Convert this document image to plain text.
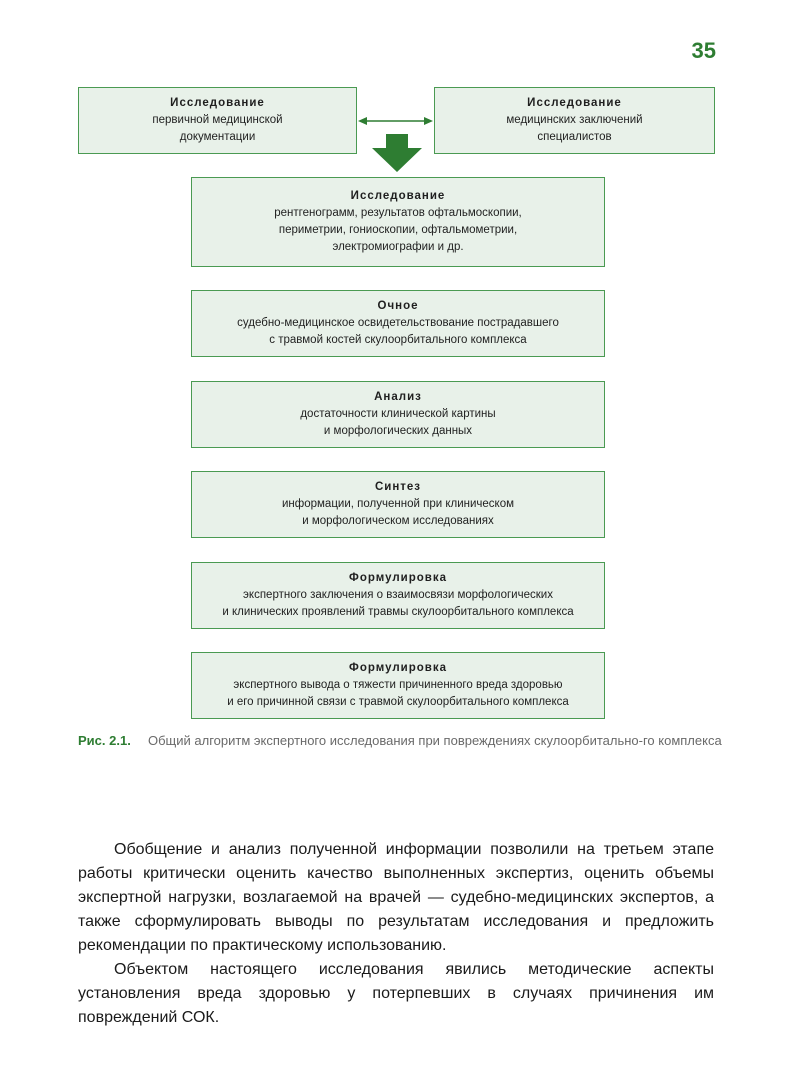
35
Исследование
первичной медицинской
документации
Исследование
медицинских заключений
специалистов
Исследование
рентгенограмм, результатов офтальмоскопии,
периметрии, гониоскопии, офтальмометрии,
электромиографии и др.
Очное
судебно-медицинское освидетельствование пострадавшего
с травмой костей скулоорбитального комплекса
Анализ
достаточности клинической картины
и морфологических данных
Синтез
информации, полученной при клиническом
и морфологическом исследованиях
Формулировка
экспертного заключения о взаимосвязи морфологических
и клинических проявлений травмы скулоорбитального комплекса
Формулировка
экспертного вывода о тяжести причиненного вреда здоровью
и его причинной связи с травмой скулоорбитального комплекса
Рис. 2.1. Общий алгоритм экспертного исследования при повреждениях скулоорбитально-го комплекса

Обобщение и анализ полученной информации позволили на третьем этапе работы критически оценить качество выполненных экспертиз, оценить объемы экспертной нагрузки, возлагаемой на врачей — судебно-медицинских экспертов, а также сформулировать выводы по результатам исследования и предложить рекомендации по практическому использованию.

Объектом настоящего исследования явились методические аспекты установления вреда здоровью у потерпевших в случаях причинения им повреждений СОК.
